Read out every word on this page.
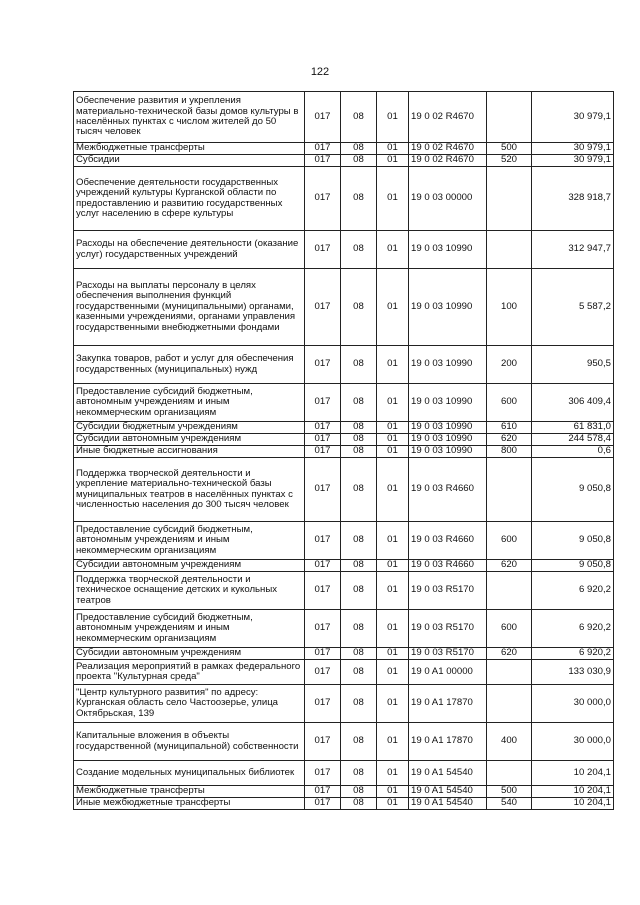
122
Обеспечение развития и укрепления материально-технической базы домов культуры в населённых пунктах с числом жителей до 50 тысяч человек	017	08	01	19 0 02 R4670		30 979,1
Межбюджетные трансферты	017	08	01	19 0 02 R4670	500	30 979,1
Субсидии	017	08	01	19 0 02 R4670	520	30 979,1
Обеспечение деятельности государственных учреждений культуры Курганской области по предоставлению и развитию государственных услуг населению в сфере культуры	017	08	01	19 0 03 00000		328 918,7
Расходы на обеспечение деятельности (оказание услуг) государственных учреждений	017	08	01	19 0 03 10990		312 947,7
Расходы на выплаты персоналу в целях обеспечения выполнения функций государственными (муниципальными) органами, казенными учреждениями, органами управления государственными внебюджетными фондами	017	08	01	19 0 03 10990	100	5 587,2
Закупка товаров, работ и услуг для обеспечения государственных (муниципальных) нужд	017	08	01	19 0 03 10990	200	950,5
Предоставление субсидий бюджетным, автономным учреждениям и иным некоммерческим организациям	017	08	01	19 0 03 10990	600	306 409,4
Субсидии бюджетным учреждениям	017	08	01	19 0 03 10990	610	61 831,0
Субсидии автономным учреждениям	017	08	01	19 0 03 10990	620	244 578,4
Иные бюджетные ассигнования	017	08	01	19 0 03 10990	800	0,6
Поддержка творческой деятельности и укрепление материально-технической базы муниципальных театров в населённых пунктах с численностью населения до 300 тысяч человек	017	08	01	19 0 03 R4660		9 050,8
Предоставление субсидий бюджетным, автономным учреждениям и иным некоммерческим организациям	017	08	01	19 0 03 R4660	600	9 050,8
Субсидии автономным учреждениям	017	08	01	19 0 03 R4660	620	9 050,8
Поддержка творческой деятельности и техническое оснащение детских и кукольных театров	017	08	01	19 0 03 R5170		6 920,2
Предоставление субсидий бюджетным, автономным учреждениям и иным некоммерческим организациям	017	08	01	19 0 03 R5170	600	6 920,2
Субсидии автономным учреждениям	017	08	01	19 0 03 R5170	620	6 920,2
Реализация мероприятий в рамках федерального проекта "Культурная среда"	017	08	01	19 0 A1 00000		133 030,9
"Центр культурного развития" по адресу: Курганская область село Частоозерье, улица Октябрьская, 139	017	08	01	19 0 A1 17870		30 000,0
Капитальные вложения в объекты государственной (муниципальной) собственности	017	08	01	19 0 A1 17870	400	30 000,0
Создание модельных муниципальных библиотек	017	08	01	19 0 A1 54540		10 204,1
Межбюджетные трансферты	017	08	01	19 0 A1 54540	500	10 204,1
Иные межбюджетные трансферты	017	08	01	19 0 A1 54540	540	10 204,1
